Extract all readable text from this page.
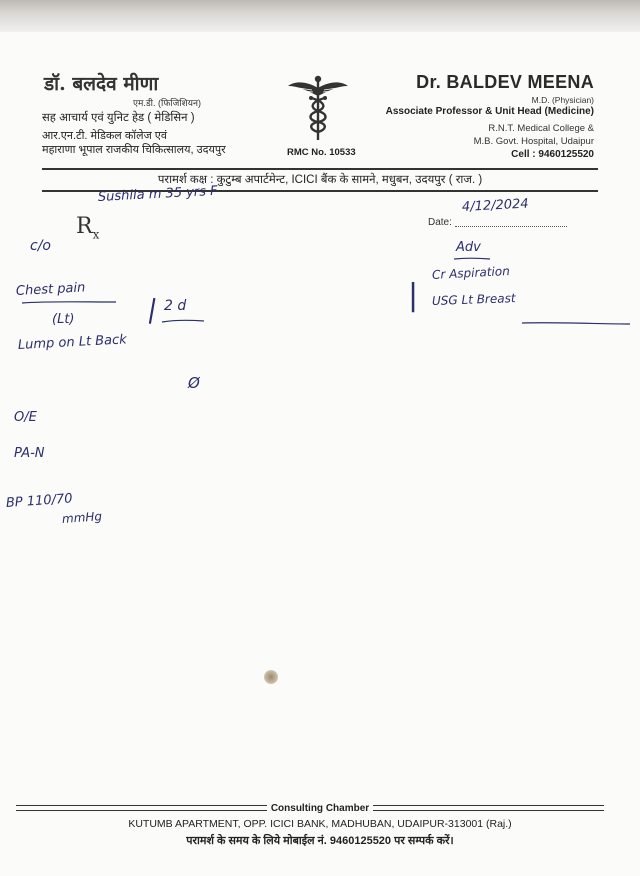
डॉ. बलदेव मीणा
एम.डी. (फिजिशियन)
सह आचार्य एवं युनिट हेड ( मेडिसिन )
आर.एन.टी. मेडिकल कॉलेज एवं
महाराणा भूपाल राजकीय चिकित्सालय, उदयपुर	RMC No. 10533
Dr. BALDEV MEENA
M.D. (Physician)
Associate Professor & Unit Head (Medicine)
R.N.T. Medical College &
M.B. Govt. Hospital, Udaipur
Cell : 9460125520
परामर्श कक्ष : कुटुम्ब अपार्टमेन्ट, ICICI बैंक के सामने, मधुबन, उदयपुर ( राज. )
$R_x$
Date:
Sushila m 35 yrs F
4/12/2024
c/o
Chest pain
(Lt)	| 2 d
Lump on Lt Back
Ø
O/E
PA-N
BP 110/70
mmHg
Adv
|
Cr Aspiration
USG Lt Breast
Consulting Chamber
KUTUMB APARTMENT, OPP. ICICI BANK, MADHUBAN, UDAIPUR-313001 (Raj.)
परामर्श के समय के लिये मोबाईल नं. 9460125520 पर सम्पर्क करें।
